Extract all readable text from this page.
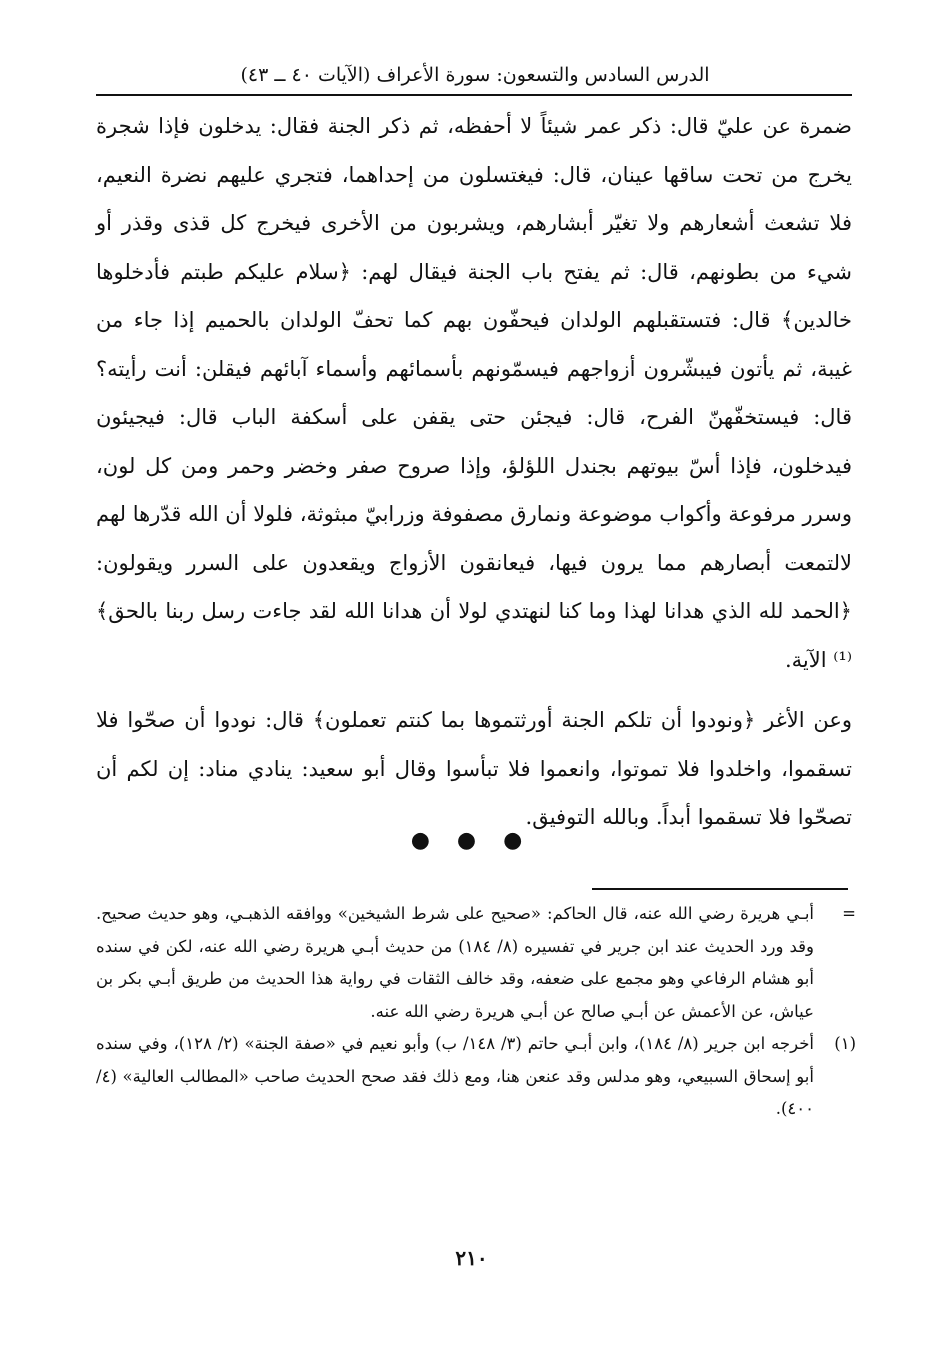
الدرس السادس والتسعون: سورة الأعراف (الآيات ٤٠ ــ ٤٣)

ضمرة عن عليّ قال: ذكر عمر شيئاً لا أحفظه، ثم ذكر الجنة فقال: يدخلون فإذا شجرة يخرج من تحت ساقها عينان، قال: فيغتسلون من إحداهما، فتجري عليهم نضرة النعيم، فلا تشعث أشعارهم ولا تغيّر أبشارهم، ويشربون من الأخرى فيخرج كل قذى وقذر أو شيء من بطونهم، قال: ثم يفتح باب الجنة فيقال لهم: ﴿سلام عليكم طبتم فأدخلوها خالدين﴾ قال: فتستقبلهم الولدان فيحفّون بهم كما تحفّ الولدان بالحميم إذا جاء من غيبة، ثم يأتون فيبشّرون أزواجهم فيسمّونهم بأسمائهم وأسماء آبائهم فيقلن: أنت رأيته؟ قال: فيستخفّهنّ الفرح، قال: فيجئن حتى يقفن على أسكفة الباب قال: فيجيئون فيدخلون، فإذا أسّ بيوتهم بجندل اللؤلؤ، وإذا صروح صفر وخضر وحمر ومن كل لون، وسرر مرفوعة وأكواب موضوعة ونمارق مصفوفة وزرابيّ مبثوثة، فلولا أن الله قدّرها لهم لالتمعت أبصارهم مما يرون فيها، فيعانقون الأزواج ويقعدون على السرر ويقولون: ﴿الحمد لله الذي هدانا لهذا وما كنا لنهتدي لولا أن هدانا الله لقد جاءت رسل ربنا بالحق﴾⁽¹⁾ الآية.

وعن الأغر ﴿ونودوا أن تلكم الجنة أورثتموها بما كنتم تعملون﴾ قال: نودوا أن صحّوا فلا تسقموا، واخلدوا فلا تموتوا، وانعموا فلا تبأسوا وقال أبو سعيد: ينادي مناد: إن لكم أن تصحّوا فلا تسقموا أبداً. وبالله التوفيق.

● ● ●
=
أبـي هريرة رضي الله عنه، قال الحاكم: «صحيح على شرط الشيخين» ووافقه الذهبـي، وهو حديث صحيح. وقد ورد الحديث عند ابن جرير في تفسيره (٨/ ١٨٤) من حديث أبـي هريرة رضي الله عنه، لكن في سنده أبو هشام الرفاعي وهو مجمع على ضعفه، وقد خالف الثقات في رواية هذا الحديث من طريق أبـي بكر بن عياش، عن الأعمش عن أبـي صالح عن أبـي هريرة رضي الله عنه.
(١)
أخرجه ابن جرير (٨/ ١٨٤)، وابن أبـي حاتم (٣/ ١٤٨/ ب) وأبو نعيم في «صفة الجنة» (٢/ ١٢٨)، وفي سنده أبو إسحاق السبيعي، وهو مدلس وقد عنعن هنا، ومع ذلك فقد صحح الحديث صاحب «المطالب العالية» (٤/ ٤٠٠).
٢١٠
